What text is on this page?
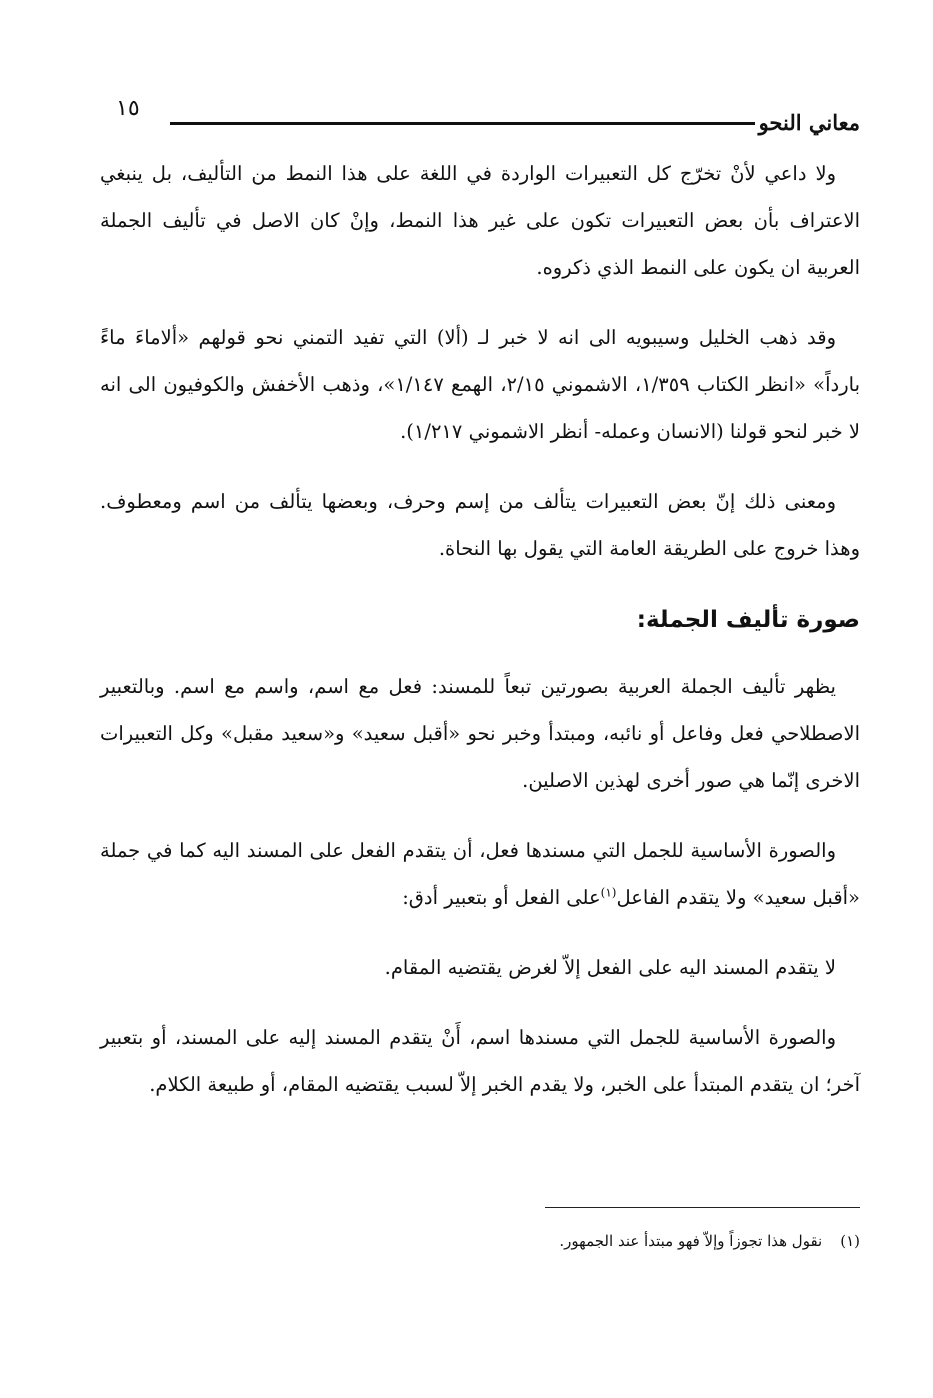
معاني النحو
١٥

ولا داعي لأنْ تخرّج كل التعبيرات الواردة في اللغة على هذا النمط من التأليف، بل ينبغي الاعتراف بأن بعض التعبيرات تكون على غير هذا النمط، وإنْ كان الاصل في تأليف الجملة العربية ان يكون على النمط الذي ذكروه.

وقد ذهب الخليل وسيبويه الى انه لا خبر لـ (ألا) التي تفيد التمني نحو قولهم «ألاماءَ ماءً بارداً» «انظر الكتاب ١/٣٥٩، الاشموني ٢/١٥، الهمع ١/١٤٧»، وذهب الأخفش والكوفيون الى انه لا خبر لنحو قولنا (الانسان وعمله- أنظر الاشموني ١/٢١٧).

ومعنى ذلك إنّ بعض التعبيرات يتألف من إسم وحرف، وبعضها يتألف من اسم ومعطوف. وهذا خروج على الطريقة العامة التي يقول بها النحاة.

صورة تأليف الجملة:

يظهر تأليف الجملة العربية بصورتين تبعاً للمسند: فعل مع اسم، واسم مع اسم. وبالتعبير الاصطلاحي فعل وفاعل أو نائبه، ومبتدأ وخبر نحو «أقبل سعيد» و«سعيد مقبل» وكل التعبيرات الاخرى إنّما هي صور أخرى لهذين الاصلين.

والصورة الأساسية للجمل التي مسندها فعل، أن يتقدم الفعل على المسند اليه كما في جملة «أقبل سعيد» ولا يتقدم الفاعل$^{(١)}$على الفعل أو بتعبير أدق:

لا يتقدم المسند اليه على الفعل إلاّ لغرض يقتضيه المقام.

والصورة الأساسية للجمل التي مسندها اسم، أَنْ يتقدم المسند إليه على المسند، أو بتعبير آخر؛ ان يتقدم المبتدأ على الخبر، ولا يقدم الخبر إلاّ لسبب يقتضيه المقام، أو طبيعة الكلام.

(١)نقول هذا تجوزاً وإلاّ فهو مبتدأ عند الجمهور.
